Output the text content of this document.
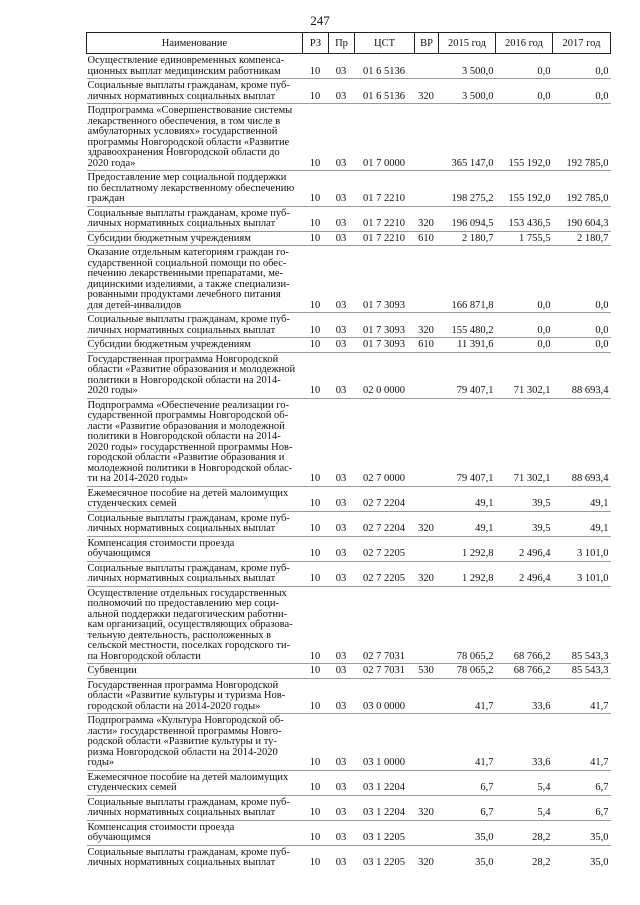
247
Наименование	РЗ	Пр	ЦСТ	ВР	2015 год	2016 год	2017 год
Осуществление единовременных компенса- ционных выплат медицинским работникам	10	03	01 6 5136		3 500,0	0,0	0,0
Социальные выплаты гражданам, кроме пуб- личных нормативных социальных выплат	10	03	01 6 5136	320	3 500,0	0,0	0,0
Подпрограмма «Совершенствование системы лекарственного обеспечения, в том числе в амбулаторных условиях» государственной программы Новгородской области «Развитие здравоохранения Новгородской области до 2020 года»	10	03	01 7 0000		365 147,0	155 192,0	192 785,0
Предоставление мер социальной поддержки по бесплатному лекарственному обеспечению граждан	10	03	01 7 2210		198 275,2	155 192,0	192 785,0
Социальные выплаты гражданам, кроме пуб- личных нормативных социальных выплат	10	03	01 7 2210	320	196 094,5	153 436,5	190 604,3
Субсидии бюджетным учреждениям	10	03	01 7 2210	610	2 180,7	1 755,5	2 180,7
Оказание отдельным категориям граждан го- сударственной социальной помощи по обес- печению лекарственными препаратами, ме- дицинскими изделиями, а также специализи- рованными продуктами лечебного питания для детей-инвалидов	10	03	01 7 3093		166 871,8	0,0	0,0
Социальные выплаты гражданам, кроме пуб- личных нормативных социальных выплат	10	03	01 7 3093	320	155 480,2	0,0	0,0
Субсидии бюджетным учреждениям	10	03	01 7 3093	610	11 391,6	0,0	0,0
Государственная программа Новгородской области «Развитие образования и молодежной политики в Новгородской области на 2014- 2020 годы»	10	03	02 0 0000		79 407,1	71 302,1	88 693,4
Подпрограмма «Обеспечение реализации го- сударственной программы Новгородской об- ласти «Развитие образования и молодежной политики в Новгородской области на 2014- 2020 годы» государственной программы Нов- городской области «Развитие образования и молодежной политики в Новгородской облас- ти на 2014-2020 годы»	10	03	02 7 0000		79 407,1	71 302,1	88 693,4
Ежемесячное пособие на детей малоимущих студенческих семей	10	03	02 7 2204		49,1	39,5	49,1
Социальные выплаты гражданам, кроме пуб- личных нормативных социальных выплат	10	03	02 7 2204	320	49,1	39,5	49,1
Компенсация стоимости проезда обучающимся	10	03	02 7 2205		1 292,8	2 496,4	3 101,0
Социальные выплаты гражданам, кроме пуб- личных нормативных социальных выплат	10	03	02 7 2205	320	1 292,8	2 496,4	3 101,0
Осуществление отдельных государственных полномочий по предоставлению мер соци- альной поддержки педагогическим работни- кам организаций, осуществляющих образова- тельную деятельность, расположенных в сельской местности, поселках городского ти- па Новгородской области	10	03	02 7 7031		78 065,2	68 766,2	85 543,3
Субвенции	10	03	02 7 7031	530	78 065,2	68 766,2	85 543,3
Государственная программа Новгородской области «Развитие культуры и туризма Нов- городской области на 2014-2020 годы»	10	03	03 0 0000		41,7	33,6	41,7
Подпрограмма «Культура Новгородской об- ласти» государственной программы Новго- родской области «Развитие культуры и ту- ризма Новгородской области на 2014-2020 годы»	10	03	03 1 0000		41,7	33,6	41,7
Ежемесячное пособие на детей малоимущих студенческих семей	10	03	03 1 2204		6,7	5,4	6,7
Социальные выплаты гражданам, кроме пуб- личных нормативных социальных выплат	10	03	03 1 2204	320	6,7	5,4	6,7
Компенсация стоимости проезда обучающимся	10	03	03 1 2205		35,0	28,2	35,0
Социальные выплаты гражданам, кроме пуб- личных нормативных социальных выплат	10	03	03 1 2205	320	35,0	28,2	35,0
